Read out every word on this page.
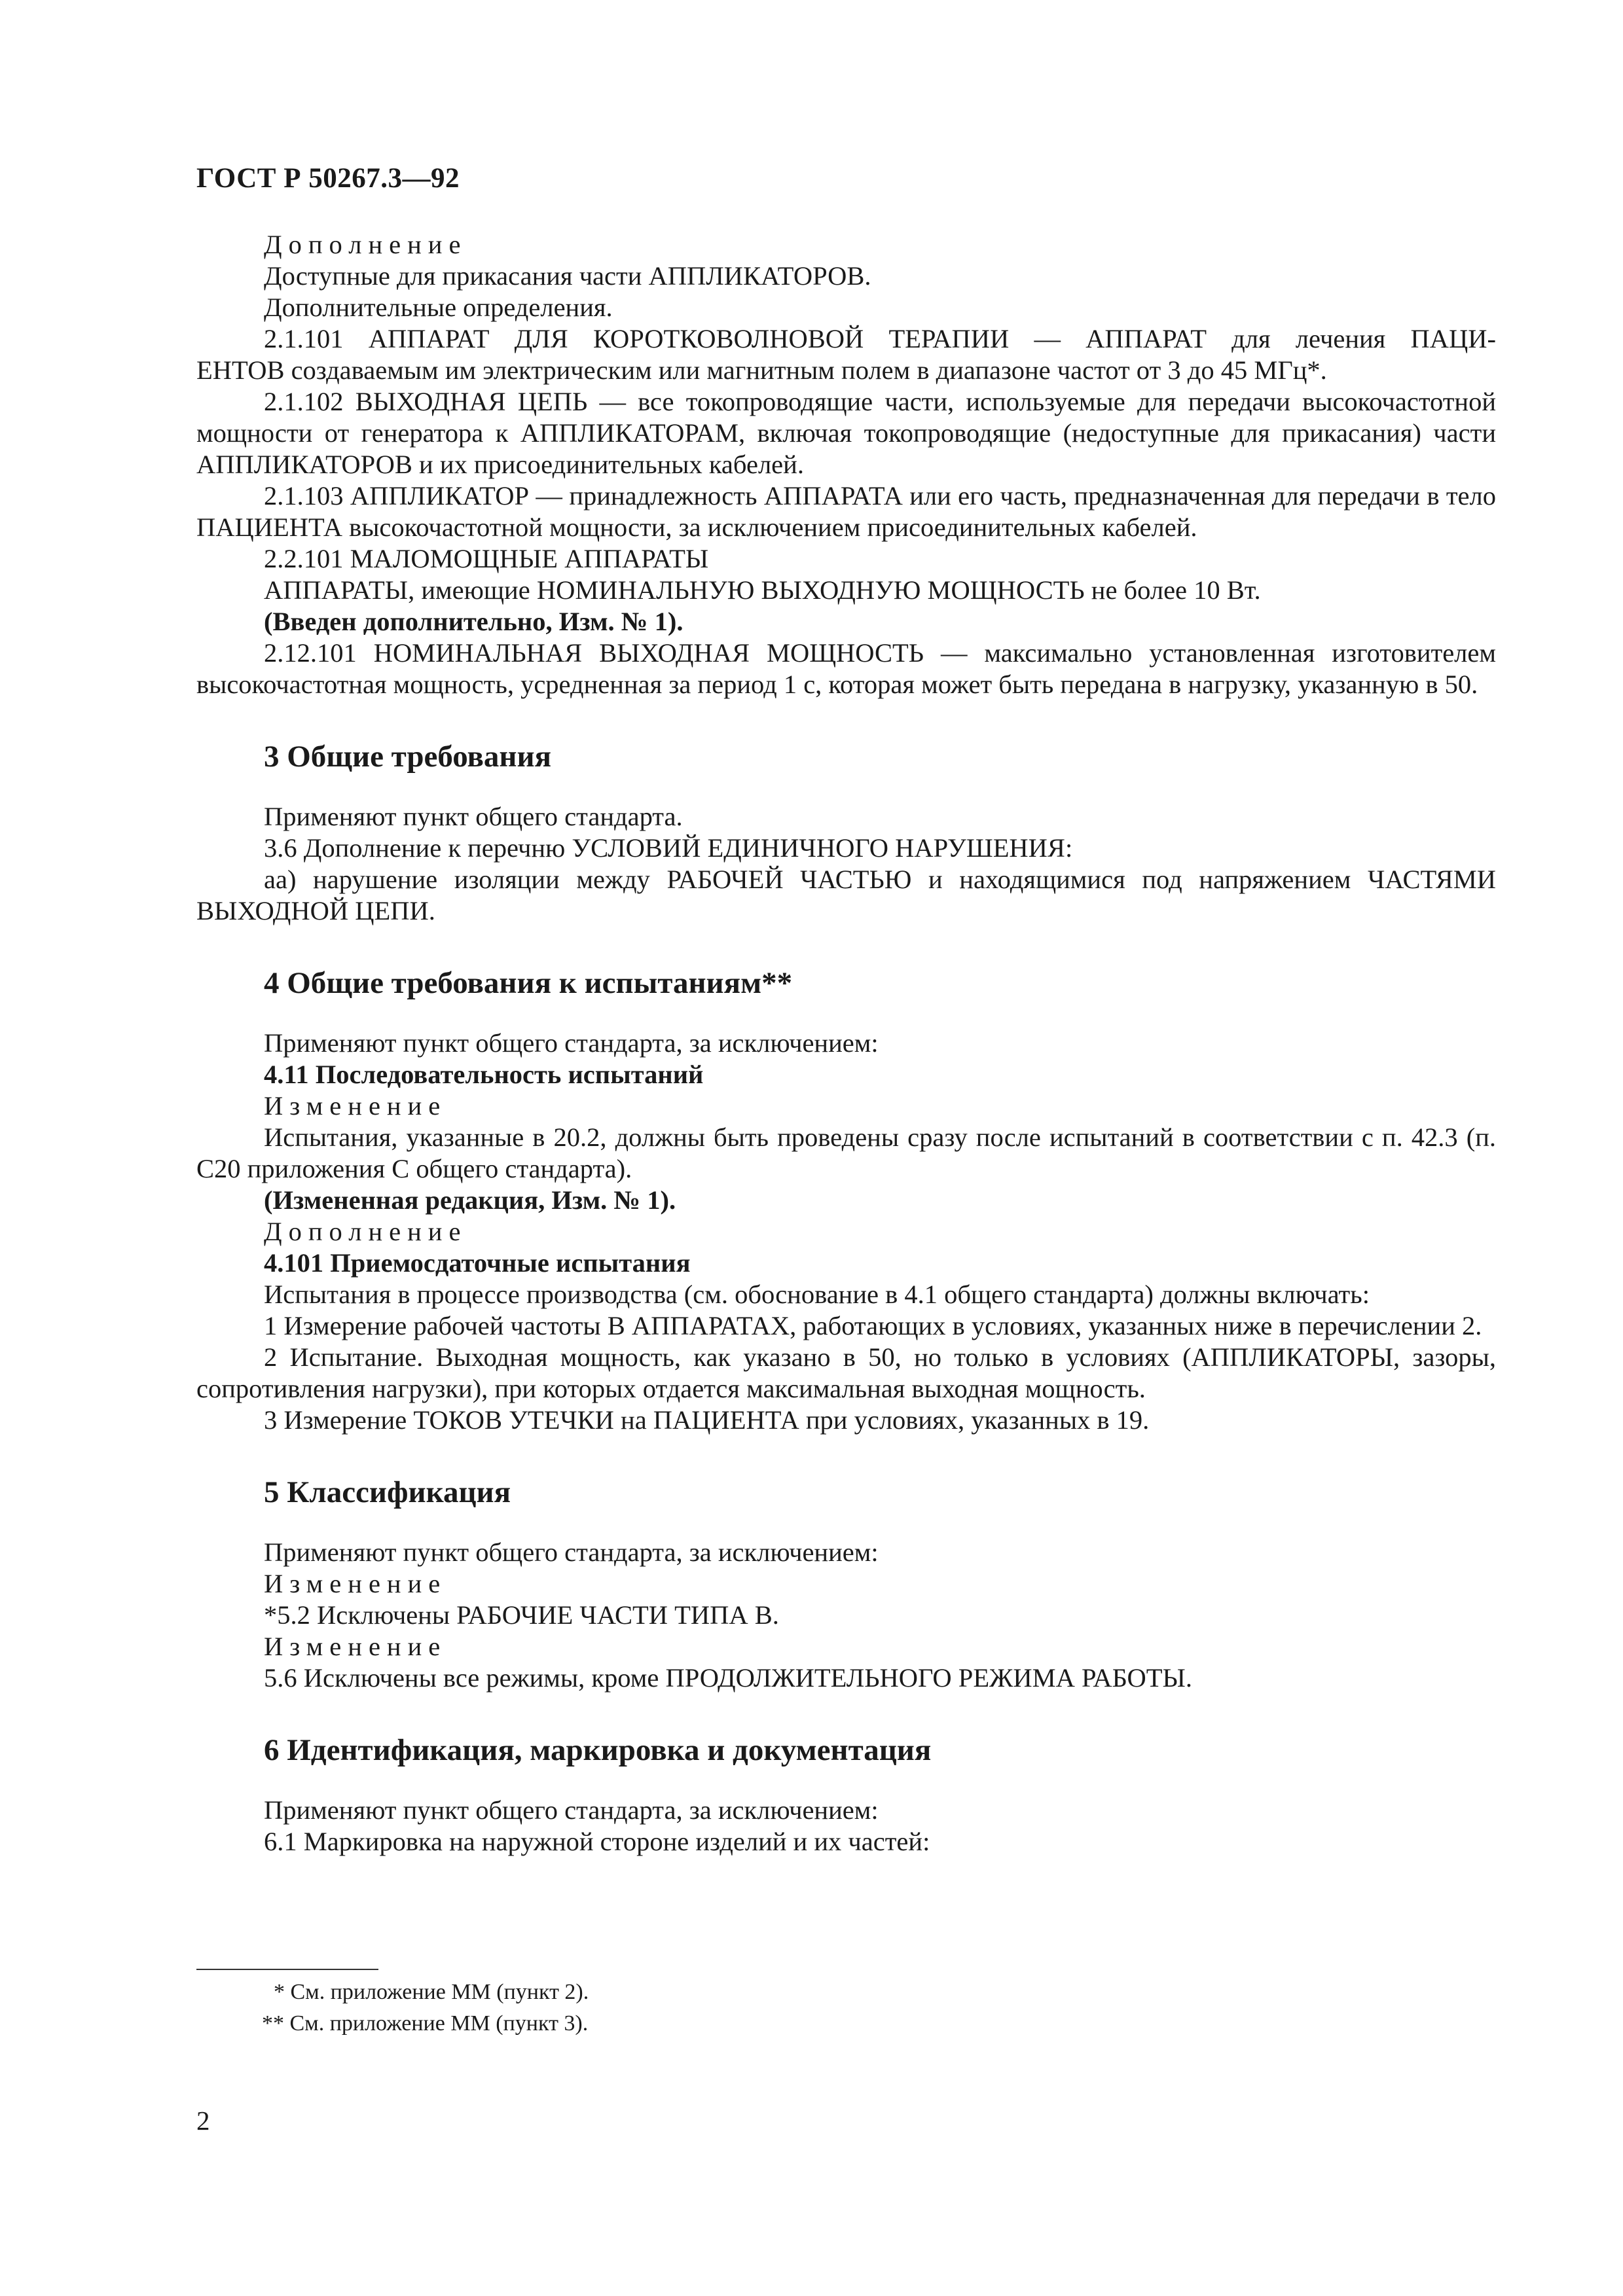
ГОСТ Р 50267.3—92

Дополнение

Доступные для прикасания части АППЛИКАТОРОВ.

Дополнительные определения.

2.1.101 АППАРАТ ДЛЯ КОРОТКОВОЛНОВОЙ ТЕРАПИИ — АППАРАТ для лечения ПАЦИ-

ЕНТОВ создаваемым им электрическим или магнитным полем в диапазоне частот от 3 до 45 МГц*.

2.1.102 ВЫХОДНАЯ ЦЕПЬ — все токопроводящие части, используемые для передачи высокочастотной мощности от генератора к АППЛИКАТОРАМ, включая токопроводящие (недоступные для прикасания) части АППЛИКАТОРОВ и их присоединительных кабелей.

2.1.103 АППЛИКАТОР — принадлежность АППАРАТА или его часть, предназначенная для передачи в тело ПАЦИЕНТА высокочастотной мощности, за исключением присоединительных кабелей.

2.2.101 МАЛОМОЩНЫЕ АППАРАТЫ

АППАРАТЫ, имеющие НОМИНАЛЬНУЮ ВЫХОДНУЮ МОЩНОСТЬ не более 10 Вт.

(Введен дополнительно, Изм. № 1).

2.12.101 НОМИНАЛЬНАЯ ВЫХОДНАЯ МОЩНОСТЬ — максимально установленная изготовителем высокочастотная мощность, усредненная за период 1 с, которая может быть передана в нагрузку, указанную в 50.

3 Общие требования

Применяют пункт общего стандарта.

3.6 Дополнение к перечню УСЛОВИЙ ЕДИНИЧНОГО НАРУШЕНИЯ:

аа) нарушение изоляции между РАБОЧЕЙ ЧАСТЬЮ и находящимися под напряжением ЧАСТЯМИ ВЫХОДНОЙ ЦЕПИ.

4 Общие требования к испытаниям**

Применяют пункт общего стандарта, за исключением:

4.11 Последовательность испытаний

Изменение

Испытания, указанные в 20.2, должны быть проведены сразу после испытаний в соответствии с п. 42.3 (п. С20 приложения С общего стандарта).

(Измененная редакция, Изм. № 1).

Дополнение

4.101 Приемосдаточные испытания

Испытания в процессе производства (см. обоснование в 4.1 общего стандарта) должны включать:

1 Измерение рабочей частоты В АППАРАТАХ, работающих в условиях, указанных ниже в перечислении 2.

2 Испытание. Выходная мощность, как указано в 50, но только в условиях (АППЛИКАТОРЫ, зазоры, сопротивления нагрузки), при которых отдается максимальная выходная мощность.

3 Измерение ТОКОВ УТЕЧКИ на ПАЦИЕНТА при условиях, указанных в 19.

5 Классификация

Применяют пункт общего стандарта, за исключением:

Изменение

*5.2 Исключены РАБОЧИЕ ЧАСТИ ТИПА В.

Изменение

5.6 Исключены все режимы, кроме ПРОДОЛЖИТЕЛЬНОГО РЕЖИМА РАБОТЫ.

6 Идентификация, маркировка и документация

Применяют пункт общего стандарта, за исключением:

6.1 Маркировка на наружной стороне изделий и их частей:

* См. приложение ММ (пункт 2).

** См. приложение ММ (пункт 3).

2
